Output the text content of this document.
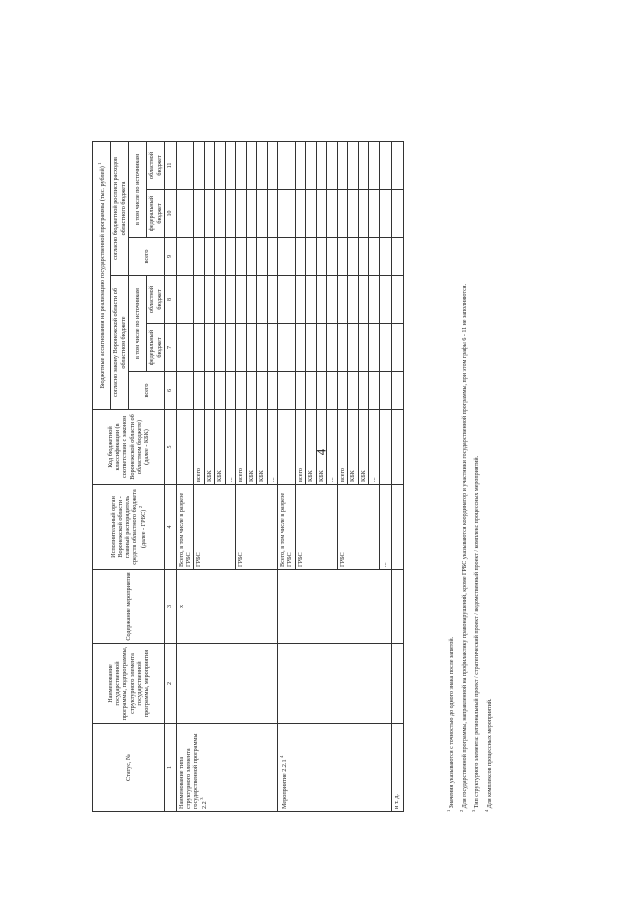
4
Статус, №	Наименование государственной программы, подпрограммы, структурного элемента государственной программы, мероприятия	Содержание мероприятия	Исполнительный орган Воронежской области - главный распорядитель средств областного бюджета (далее - ГРБС) $^2$	Код бюджетной классификации (в соответствии с законом Воронежской области об областном бюджете) (далее - КБК)	Бюджетные ассигнования на реализацию государственной программы (тыс. рублей) $^1$	
					согласно закону Воронежской области об областном бюджете			согласно бюджетной росписи расходов областного бюджета			
					всего	в том числе по источникам		всего	в том числе по источникам		
						федеральный бюджет	областной бюджет		федеральный бюджет	областной бюджет	
1	2	3	4	5	6	7	8	9	10	11	
Наименование типа структурного элемента государственной программы 2.2 $^3$		х	Всего, в том числе в разрезе ГРБС								

			ГРБС	всего							
				КБК							
				КБК							
				...							
			ГРБС	всего							
				КБК							
				КБК							
				...							
Мероприятие 2.2.1 $^4$			Всего, в том числе в разрезе ГРБС								

			ГРБС	всего							
				КБК							
				КБК							
				...							
			ГРБС	всего							
				КБК							
				КБК							
				...							
			...								
и т. д.											
$^1$ Значения указываются с точностью до одного знака после запятой.
$^2$ Для государственной программы, направленной на профилактику правонарушений, кроме ГРБС указываются координатор и участники государственной программы, при этом графы 6 - 11 не заполняются.
$^3$ Тип структурного элемента: региональный проект / стратегический проект / ведомственный проект / комплекс процессных мероприятий.
$^4$ Для комплексов процессных мероприятий.
